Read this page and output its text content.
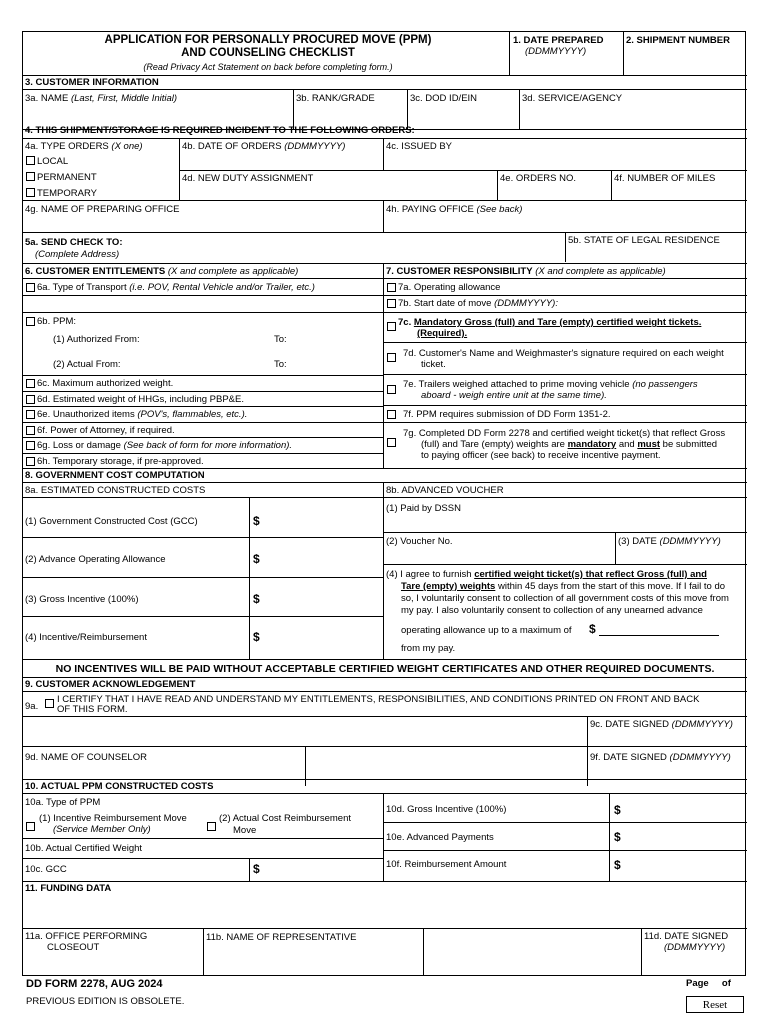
APPLICATION FOR PERSONALLY PROCURED MOVE (PPM)
AND COUNSELING CHECKLIST
(Read Privacy Act Statement on back before completing form.)
1. DATE PREPARED
(DDMMYYYY)
2. SHIPMENT NUMBER
3. CUSTOMER INFORMATION
3a. NAME (Last, First, Middle Initial)	3b. RANK/GRADE	3c. DOD ID/EIN	3d. SERVICE/AGENCY
4. THIS SHIPMENT/STORAGE IS REQUIRED INCIDENT TO THE FOLLOWING ORDERS:
4a. TYPE ORDERS (X one)
LOCAL
PERMANENT
TEMPORARY
4b. DATE OF ORDERS (DDMMYYYY)	4c. ISSUED BY
4d. NEW DUTY ASSIGNMENT	4e. ORDERS NO.	4f. NUMBER OF MILES
4g. NAME OF PREPARING OFFICE	4h. PAYING OFFICE (See back)
5a. SEND CHECK TO:
(Complete Address)
5b. STATE OF LEGAL RESIDENCE
6. CUSTOMER ENTITLEMENTS (X and complete as applicable)	7. CUSTOMER RESPONSIBILITY (X and complete as applicable)
6a. Type of Transport (i.e. POV, Rental Vehicle and/or Trailer, etc.)
6b. PPM:
(1) Authorized From:	To:
(2) Actual From:	To:
6c. Maximum authorized weight.
6d. Estimated weight of HHGs, including PBP&E.
6e. Unauthorized items (POV's, flammables, etc.).
6f. Power of Attorney, if required.
6g. Loss or damage (See back of form for more information).
6h. Temporary storage, if pre-approved.
7a. Operating allowance
7b. Start date of move (DDMMYYYY):
7c. Mandatory Gross (full) and Tare (empty) certified weight tickets.
(Required).
7d. Customer's Name and Weighmaster's signature required on each weight
ticket.
7e. Trailers weighed attached to prime moving vehicle (no passengers
aboard - weigh entire unit at the same time).
7f. PPM requires submission of DD Form 1351-2.
7g. Completed DD Form 2278 and certified weight ticket(s) that reflect Gross
(full) and Tare (empty) weights are mandatory and must be submitted
to paying officer (see back) to receive incentive payment.
8. GOVERNMENT COST COMPUTATION
8a. ESTIMATED CONSTRUCTED COSTS	8b. ADVANCED VOUCHER
(1) Government Constructed Cost (GCC)	$
(2) Advance Operating Allowance	$
(3) Gross Incentive (100%)	$
(4) Incentive/Reimbursement	$
(1) Paid by DSSN
(2) Voucher No.	(3) DATE (DDMMYYYY)
(4) I agree to furnish certified weight ticket(s) that reflect Gross (full) and
Tare (empty) weights within 45 days from the start of this move. If I fail to do
so, I voluntarily consent to collection of all government costs of this move from
my pay. I also voluntarily consent to collection of any unearned advance
operating allowance up to a maximum of $
from my pay.
NO INCENTIVES WILL BE PAID WITHOUT ACCEPTABLE CERTIFIED WEIGHT CERTIFICATES AND OTHER REQUIRED DOCUMENTS.
9. CUSTOMER ACKNOWLEDGEMENT
9a.
I CERTIFY THAT I HAVE READ AND UNDERSTAND MY ENTITLEMENTS, RESPONSIBILITIES, AND CONDITIONS PRINTED ON FRONT AND BACK
OF THIS FORM.
9c. DATE SIGNED (DDMMYYYY)
9d. NAME OF COUNSELOR	9f. DATE SIGNED (DDMMYYYY)
10. ACTUAL PPM CONSTRUCTED COSTS
10a. Type of PPM
(1) Incentive Reimbursement Move
(Service Member Only)
(2) Actual Cost Reimbursement
Move
10b. Actual Certified Weight
10c. GCC	$
10d. Gross Incentive (100%)	$
10e. Advanced Payments	$
10f. Reimbursement Amount	$
11. FUNDING DATA
11a. OFFICE PERFORMING
CLOSEOUT
11b. NAME OF REPRESENTATIVE	11d. DATE SIGNED
(DDMMYYYY)
DD FORM 2278, AUG 2024
PREVIOUS EDITION IS OBSOLETE.
Page     of
Reset
